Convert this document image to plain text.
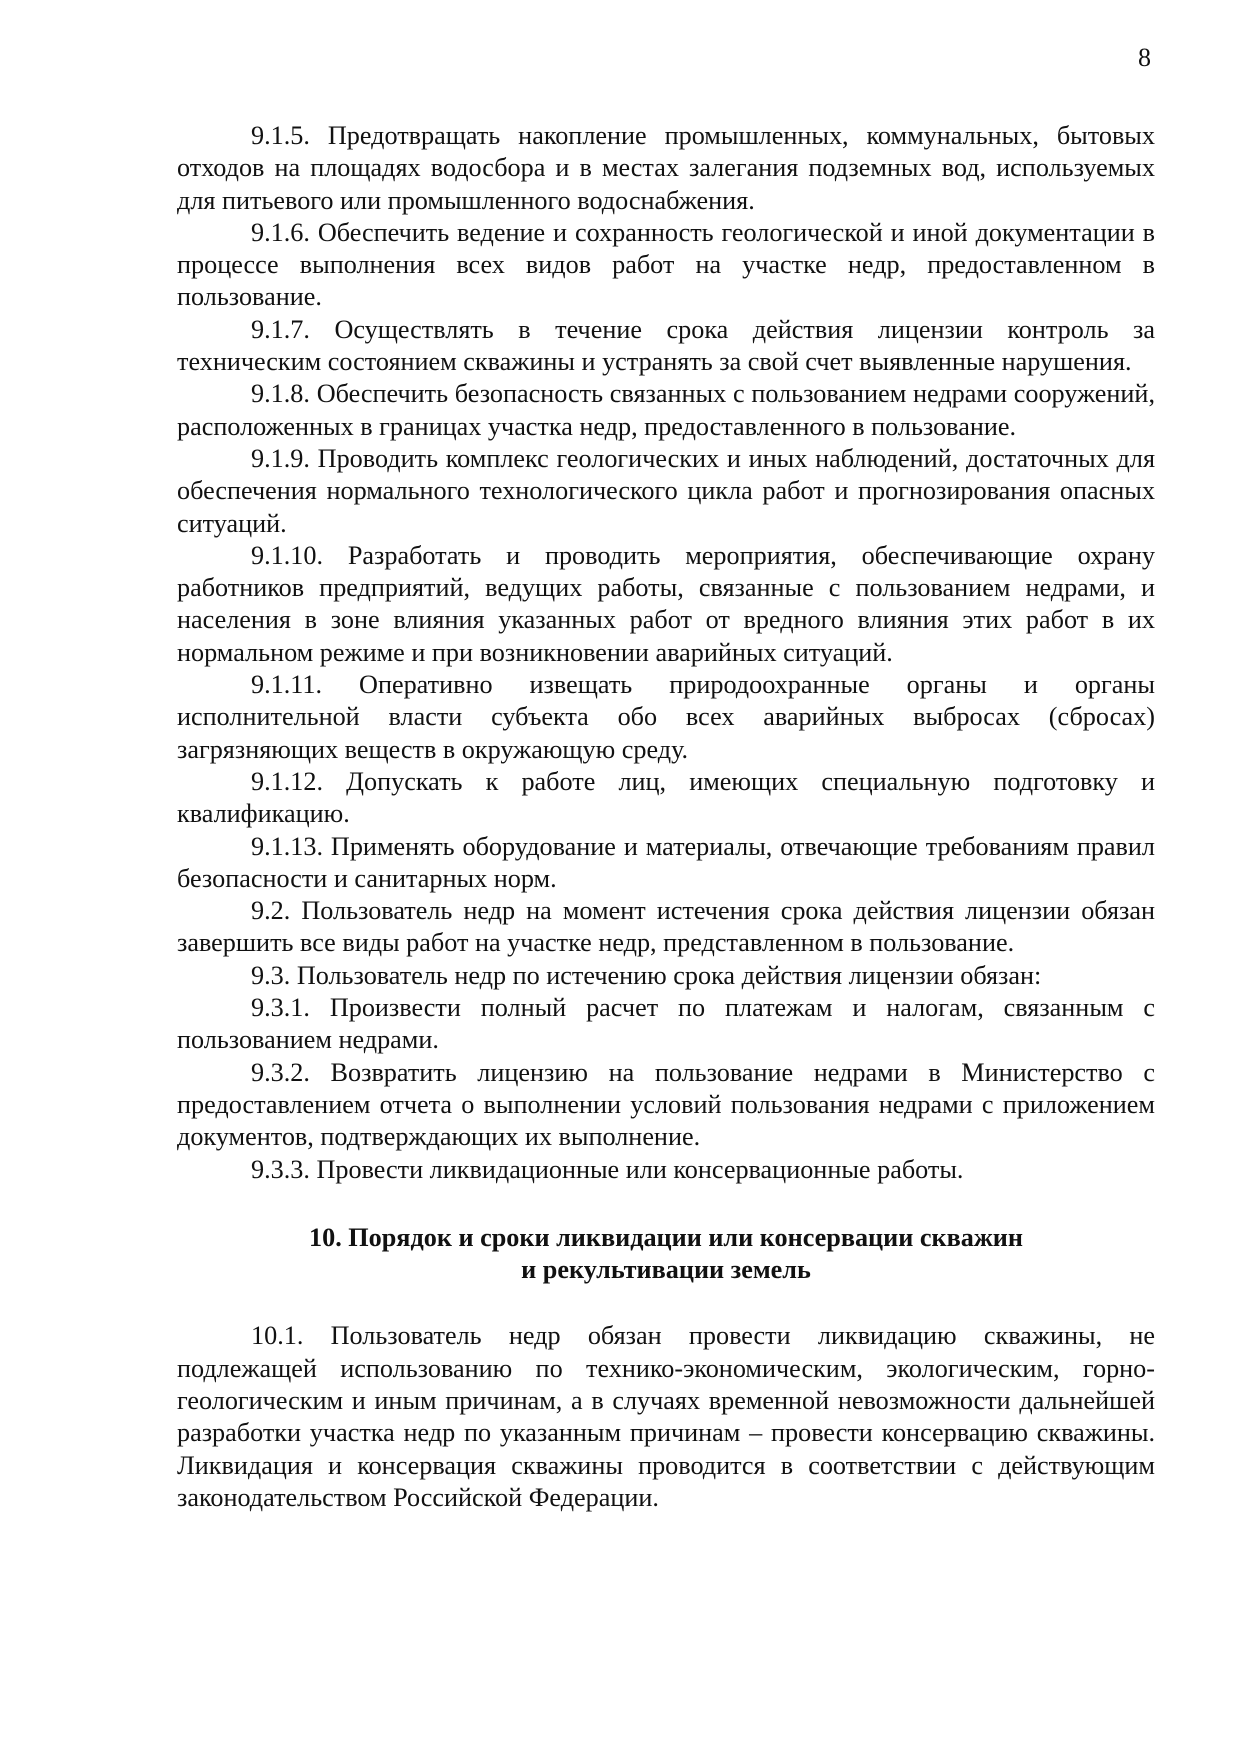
8

9.1.5. Предотвращать накопление промышленных, коммунальных, бытовых отходов на площадях водосбора и в местах залегания подземных вод, используемых для питьевого или промышленного водоснабжения.

9.1.6. Обеспечить ведение и сохранность геологической и иной документации в процессе выполнения всех видов работ на участке недр, предоставленном в пользование.

9.1.7. Осуществлять в течение срока действия лицензии контроль за техническим состоянием скважины и устранять за свой счет выявленные нарушения.

9.1.8. Обеспечить безопасность связанных с пользованием недрами сооружений, расположенных в границах участка недр, предоставленного в пользование.

9.1.9. Проводить комплекс геологических и иных наблюдений, достаточных для обеспечения нормального технологического цикла работ и прогнозирования опасных ситуаций.

9.1.10. Разработать и проводить мероприятия, обеспечивающие охрану работников предприятий, ведущих работы, связанные с пользованием недрами, и населения в зоне влияния указанных работ от вредного влияния этих работ в их нормальном режиме и при возникновении аварийных ситуаций.

9.1.11. Оперативно извещать природоохранные органы и органы исполнительной власти субъекта обо всех аварийных выбросах (сбросах) загрязняющих веществ в окружающую среду.

9.1.12. Допускать к работе лиц, имеющих специальную подготовку и квалификацию.

9.1.13. Применять оборудование и материалы, отвечающие требованиям правил безопасности и санитарных норм.

9.2. Пользователь недр на момент истечения срока действия лицензии обязан завершить все виды работ на участке недр, представленном в пользование.

9.3. Пользователь недр по истечению срока действия лицензии обязан:

9.3.1. Произвести полный расчет по платежам и налогам, связанным с пользованием недрами.

9.3.2. Возвратить лицензию на пользование недрами в Министерство с предоставлением отчета о выполнении условий пользования недрами с приложением документов, подтверждающих их выполнение.

9.3.3. Провести ликвидационные или консервационные работы.

10. Порядок и сроки ликвидации или консервации скважин
и рекультивации земель

10.1. Пользователь недр обязан провести ликвидацию скважины, не подлежащей использованию по технико-экономическим, экологическим, горно-геологическим и иным причинам, а в случаях временной невозможности дальнейшей разработки участка недр по указанным причинам – провести консервацию скважины. Ликвидация и консервация скважины проводится в соответствии с действующим законодательством Российской Федерации.
